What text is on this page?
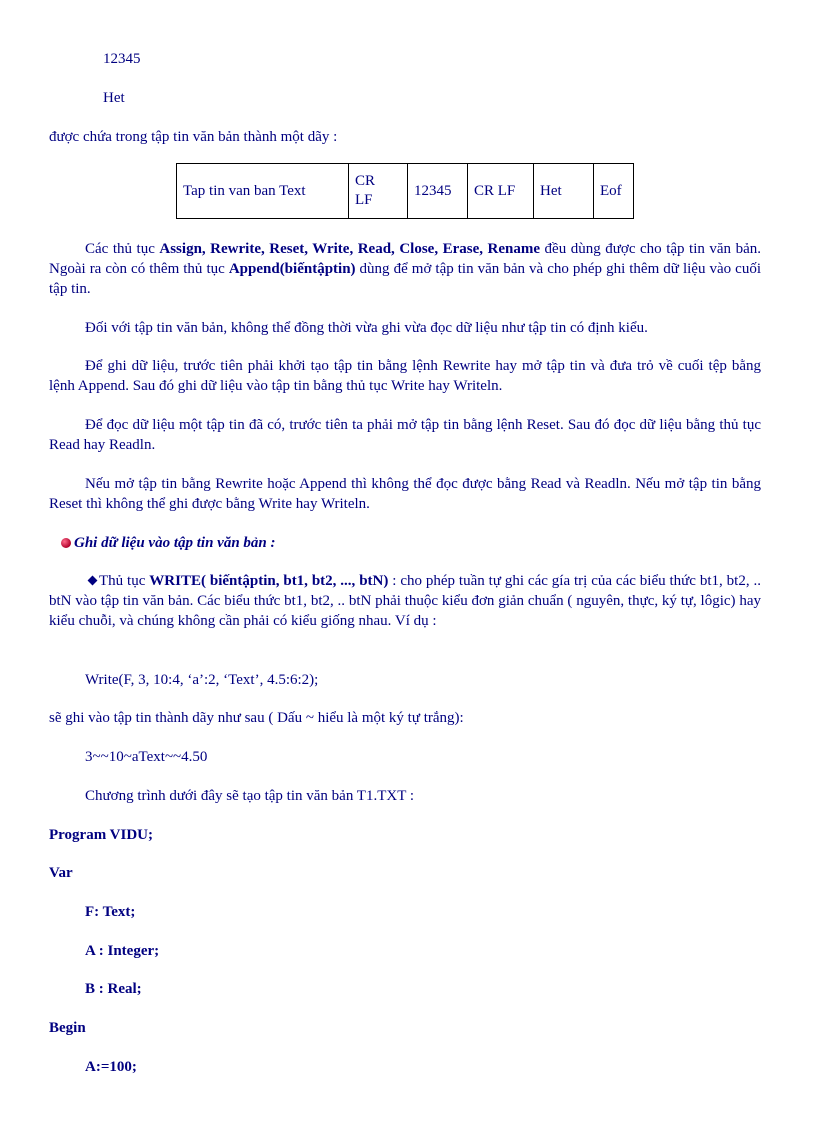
12345
Het
được chứa trong tập tin văn bản thành một dãy :
Tap tin van ban Text	CR LF	12345	CR LF	Het	Eof
Các thủ tục Assign, Rewrite, Reset, Write, Read, Close, Erase, Rename đều dùng được cho tập tin văn bản. Ngoài ra còn có thêm thủ tục Append(biếntậptin) dùng để mở tập tin văn bản và cho phép ghi thêm dữ liệu vào cuối tập tin.
Đối với tập tin văn bản, không thể đồng thời vừa ghi vừa đọc dữ liệu như tập tin có định kiểu.
Để ghi dữ liệu, trước tiên phải khởi tạo tập tin bằng lệnh Rewrite hay mở tập tin và đưa trỏ về cuối tệp bằng lệnh Append. Sau đó ghi dữ liệu vào tập tin bằng thủ tục Write hay Writeln.
Để đọc dữ liệu một tập tin đã có, trước tiên ta phải mở tập tin bằng lệnh Reset. Sau đó đọc dữ liệu bằng thủ tục Read hay Readln.
Nếu mở tập tin bằng Rewrite hoặc Append thì không thể đọc được bằng Read và Readln. Nếu mở tập tin bằng Reset thì không thể ghi được bằng Write hay Writeln.
Ghi dữ liệu vào tập tin văn bản :
Thủ tục WRITE( biếntậptin, bt1, bt2, ..., btN) : cho phép tuần tự ghi các gía trị của các biểu thức bt1, bt2, .. btN vào tập tin văn bản. Các biểu thức bt1, bt2, .. btN phải thuộc kiểu đơn giản chuẩn ( nguyên, thực, ký tự, lôgic) hay kiểu chuỗi, và chúng không cần phải có kiểu giống nhau. Ví dụ :
Write(F, 3, 10:4, ‘a’:2, ‘Text’, 4.5:6:2);
sẽ ghi vào tập tin thành dãy như sau ( Dấu ~ hiểu là một ký tự trắng):
3~~10~aText~~4.50
Chương trình dưới đây sẽ tạo tập tin văn bản T1.TXT :
Program VIDU;
Var
F: Text;
A : Integer;
B : Real;
Begin
A:=100;
